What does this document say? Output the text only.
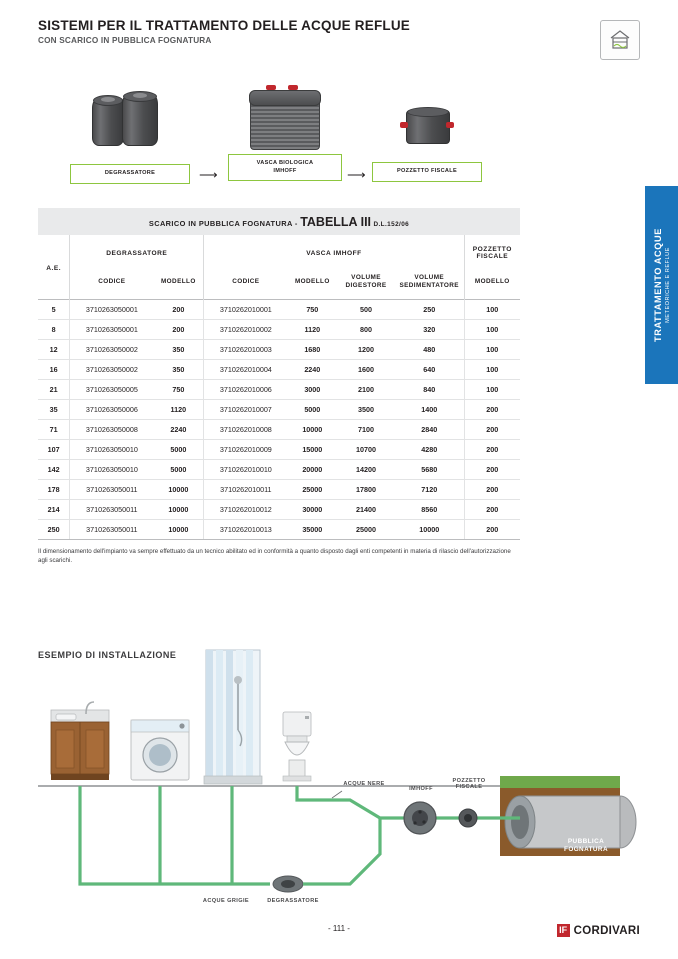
SISTEMI PER IL TRATTAMENTO DELLE ACQUE REFLUE
CON SCARICO IN PUBBLICA FOGNATURA
DEGRASSATORE	⟶
VASCA BIOLOGICA
IMHOFF	⟶	POZZETTO FISCALE
SCARICO IN PUBBLICA FOGNATURA - TABELLA III D.L.152/06
A.E.	DEGRASSATORE		VASCA IMHOFF				POZZETTO FISCALE
	CODICE	MODELLO	CODICE	MODELLO	VOLUME DIGESTORE	VOLUME SEDIMENTATORE	MODELLO
5	3710263050001	200	3710262010001	750	500	250	100
8	3710263050001	200	3710262010002	1120	800	320	100
12	3710263050002	350	3710262010003	1680	1200	480	100
16	3710263050002	350	3710262010004	2240	1600	640	100
21	3710263050005	750	3710262010006	3000	2100	840	100
35	3710263050006	1120	3710262010007	5000	3500	1400	200
71	3710263050008	2240	3710262010008	10000	7100	2840	200
107	3710263050010	5000	3710262010009	15000	10700	4280	200
142	3710263050010	5000	3710262010010	20000	14200	5680	200
178	3710263050011	10000	3710262010011	25000	17800	7120	200
214	3710263050011	10000	3710262010012	30000	21400	8560	200
250	3710263050011	10000	3710262010013	35000	25000	10000	200
Il dimensionamento dell'impianto va sempre effettuato da un tecnico abilitato ed in conformità a quanto disposto dagli enti competenti in materia di rilascio dell'autorizzazione agli scarichi.
TRATTAMENTO ACQUE METEORICHE E REFLUE
ESEMPIO DI INSTALLAZIONE
ACQUE NERE
IMHOFF
POZZETTO
FISCALE
ACQUE GRIGIE	DEGRASSATORE
PUBBLICA
FOGNATURA
- 111 -	IF CORDIVARI
